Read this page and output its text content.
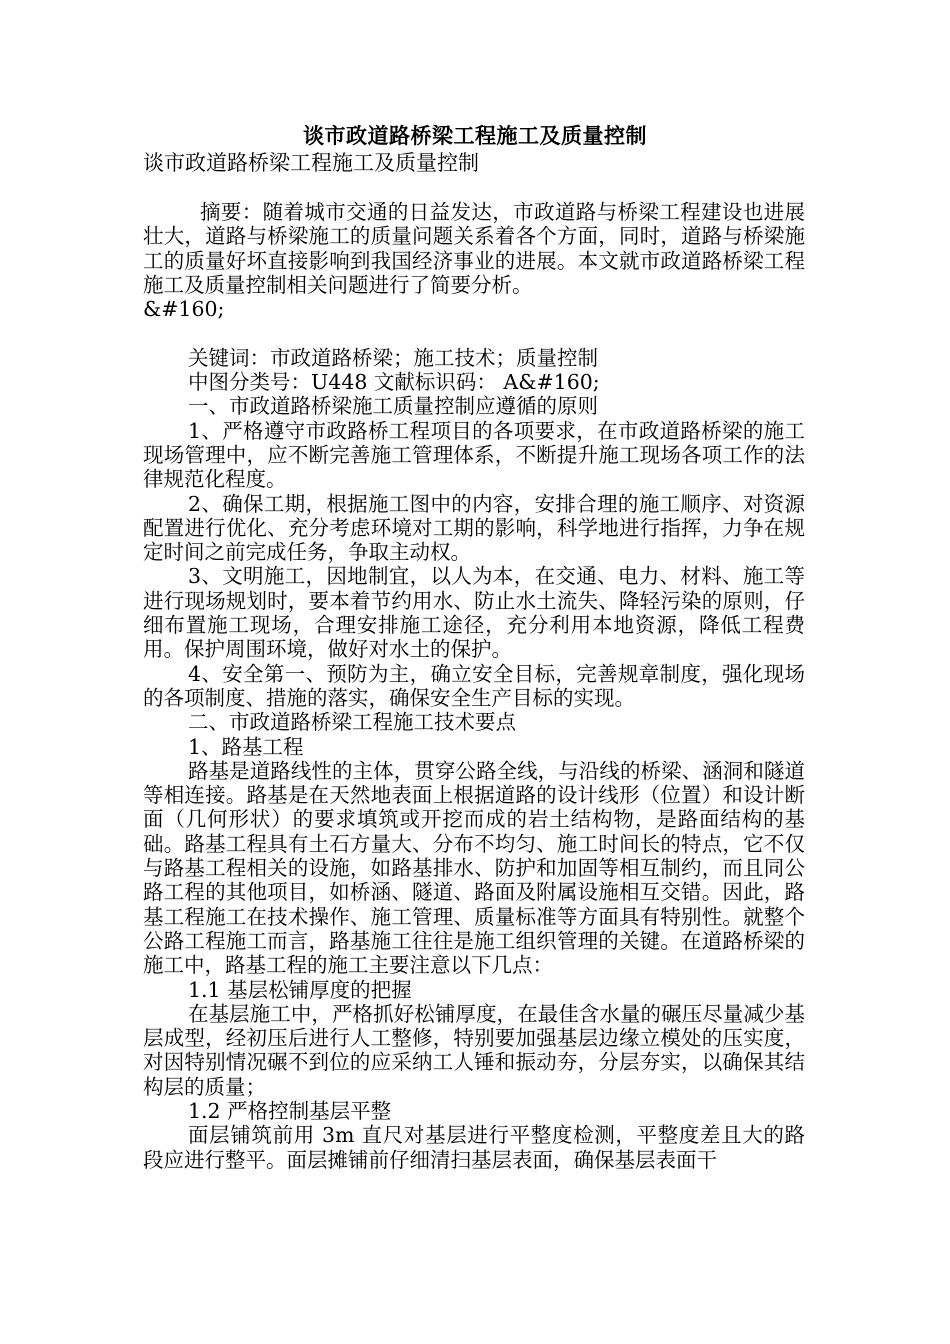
谈市政道路桥梁工程施工及质量控制
谈市政道路桥梁工程施工及质量控制

摘要：随着城市交通的日益发达，市政道路与桥梁工程建设也进展壮大，道路与桥梁施工的质量问题关系着各个方面，同时，道路与桥梁施工的质量好坏直接影响到我国经济事业的进展。本文就市政道路桥梁工程施工及质量控制相关问题进行了简要分析。

&#160;

关键词：市政道路桥梁；施工技术；质量控制

中图分类号：U448 文献标识码： A&#160;

一、市政道路桥梁施工质量控制应遵循的原则

1、严格遵守市政路桥工程项目的各项要求，在市政道路桥梁的施工现场管理中，应不断完善施工管理体系，不断提升施工现场各项工作的法律规范化程度。

2、确保工期，根据施工图中的内容，安排合理的施工顺序、对资源配置进行优化、充分考虑环境对工期的影响，科学地进行指挥，力争在规定时间之前完成任务，争取主动权。

3、文明施工，因地制宜，以人为本，在交通、电力、材料、施工等进行现场规划时，要本着节约用水、防止水土流失、降轻污染的原则，仔细布置施工现场，合理安排施工途径，充分利用本地资源，降低工程费用。保护周围环境，做好对水土的保护。

4、安全第一、预防为主，确立安全目标，完善规章制度，强化现场的各项制度、措施的落实，确保安全生产目标的实现。

二、市政道路桥梁工程施工技术要点

1、路基工程

路基是道路线性的主体，贯穿公路全线，与沿线的桥梁、涵洞和隧道等相连接。路基是在天然地表面上根据道路的设计线形（位置）和设计断面（几何形状）的要求填筑或开挖而成的岩土结构物，是路面结构的基础。路基工程具有土石方量大、分布不均匀、施工时间长的特点，它不仅与路基工程相关的设施，如路基排水、防护和加固等相互制约，而且同公路工程的其他项目，如桥涵、隧道、路面及附属设施相互交错。因此，路基工程施工在技术操作、施工管理、质量标准等方面具有特别性。就整个公路工程施工而言，路基施工往往是施工组织管理的关键。在道路桥梁的施工中，路基工程的施工主要注意以下几点：

1.1 基层松铺厚度的把握

在基层施工中，严格抓好松铺厚度，在最佳含水量的碾压尽量减少基层成型，经初压后进行人工整修，特别要加强基层边缘立模处的压实度，对因特别情况碾不到位的应采纳工人锤和振动夯，分层夯实，以确保其结构层的质量；

1.2 严格控制基层平整

面层铺筑前用 3m 直尺对基层进行平整度检测，平整度差且大的路段应进行整平。面层摊铺前仔细清扫基层表面，确保基层表面干
